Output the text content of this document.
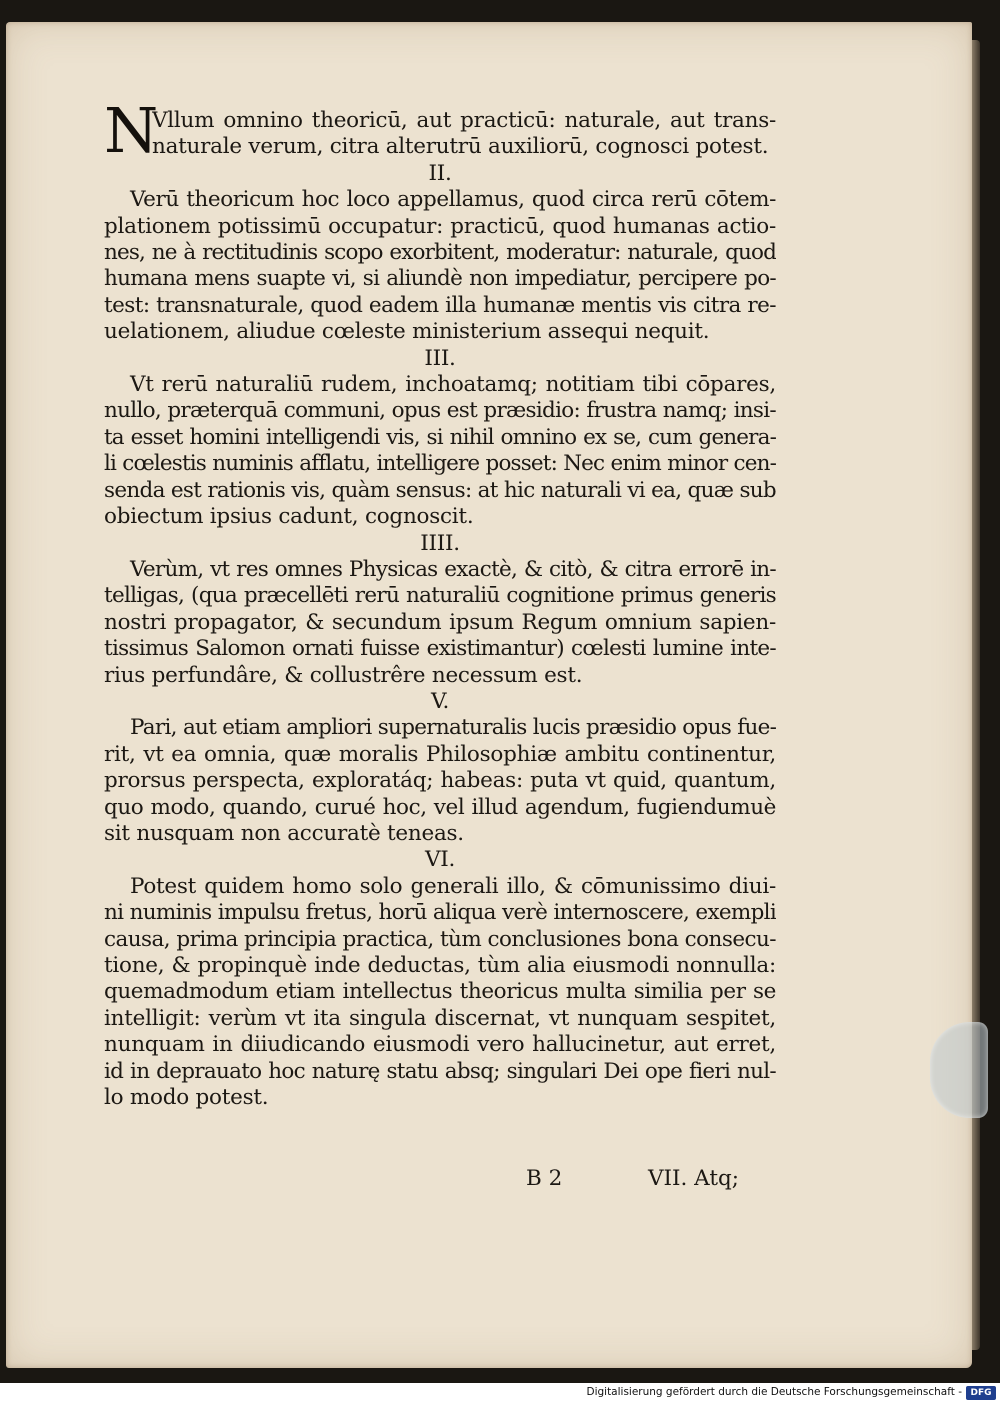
N
Vllum omnino theoricū, aut practicū: naturale, aut trans-
naturale verum, citra alterutrū auxiliorū, cognosci potest.
II.
Verū theoricum hoc loco appellamus, quod circa rerū cōtem-
plationem potissimū occupatur: practicū, quod humanas actio-
nes, ne à rectitudinis scopo exorbitent, moderatur: naturale, quod
humana mens suapte vi, si aliundè non impediatur, percipere po-
test: transnaturale, quod eadem illa humanæ mentis vis citra re-
uelationem, aliudue cœleste ministerium assequi nequit.
III.
Vt rerū naturaliū rudem, inchoatamq; notitiam tibi cōpares,
nullo, præterquā communi, opus est præsidio: frustra namq; insi-
ta esset homini intelligendi vis, si nihil omnino ex se, cum genera-
li cœlestis numinis afflatu, intelligere posset: Nec enim minor cen-
senda est rationis vis, quàm sensus: at hic naturali vi ea, quæ sub
obiectum ipsius cadunt, cognoscit.
IIII.
Verùm, vt res omnes Physicas exactè, & citò, & citra errorē in-
telligas, (qua præcellēti rerū naturaliū cognitione primus generis
nostri propagator, & secundum ipsum Regum omnium sapien-
tissimus Salomon ornati fuisse existimantur) cœlesti lumine inte-
rius perfundâre, & collustrêre necessum est.
V.
Pari, aut etiam ampliori supernaturalis lucis præsidio opus fue-
rit, vt ea omnia, quæ moralis Philosophiæ ambitu continentur,
prorsus perspecta, exploratáq; habeas: puta vt quid, quantum,
quo modo, quando, curué hoc, vel illud agendum, fugiendumuè
sit nusquam non accuratè teneas.
VI.
Potest quidem homo solo generali illo, & cōmunissimo diui-
ni numinis impulsu fretus, horū aliqua verè internoscere, exempli
causa, prima principia practica, tùm conclusiones bona consecu-
tione, & propinquè inde deductas, tùm alia eiusmodi nonnulla:
quemadmodum etiam intellectus theoricus multa similia per se
intelligit: verùm vt ita singula discernat, vt nunquam sespitet,
nunquam in diiudicando eiusmodi vero hallucinetur, aut erret,
id in deprauato hoc naturę statu absq; singulari Dei ope fieri nul-
lo modo potest.
B 2	VII. Atq;
Digitalisierung gefördert durch die Deutsche Forschungsgemeinschaft - DFG
